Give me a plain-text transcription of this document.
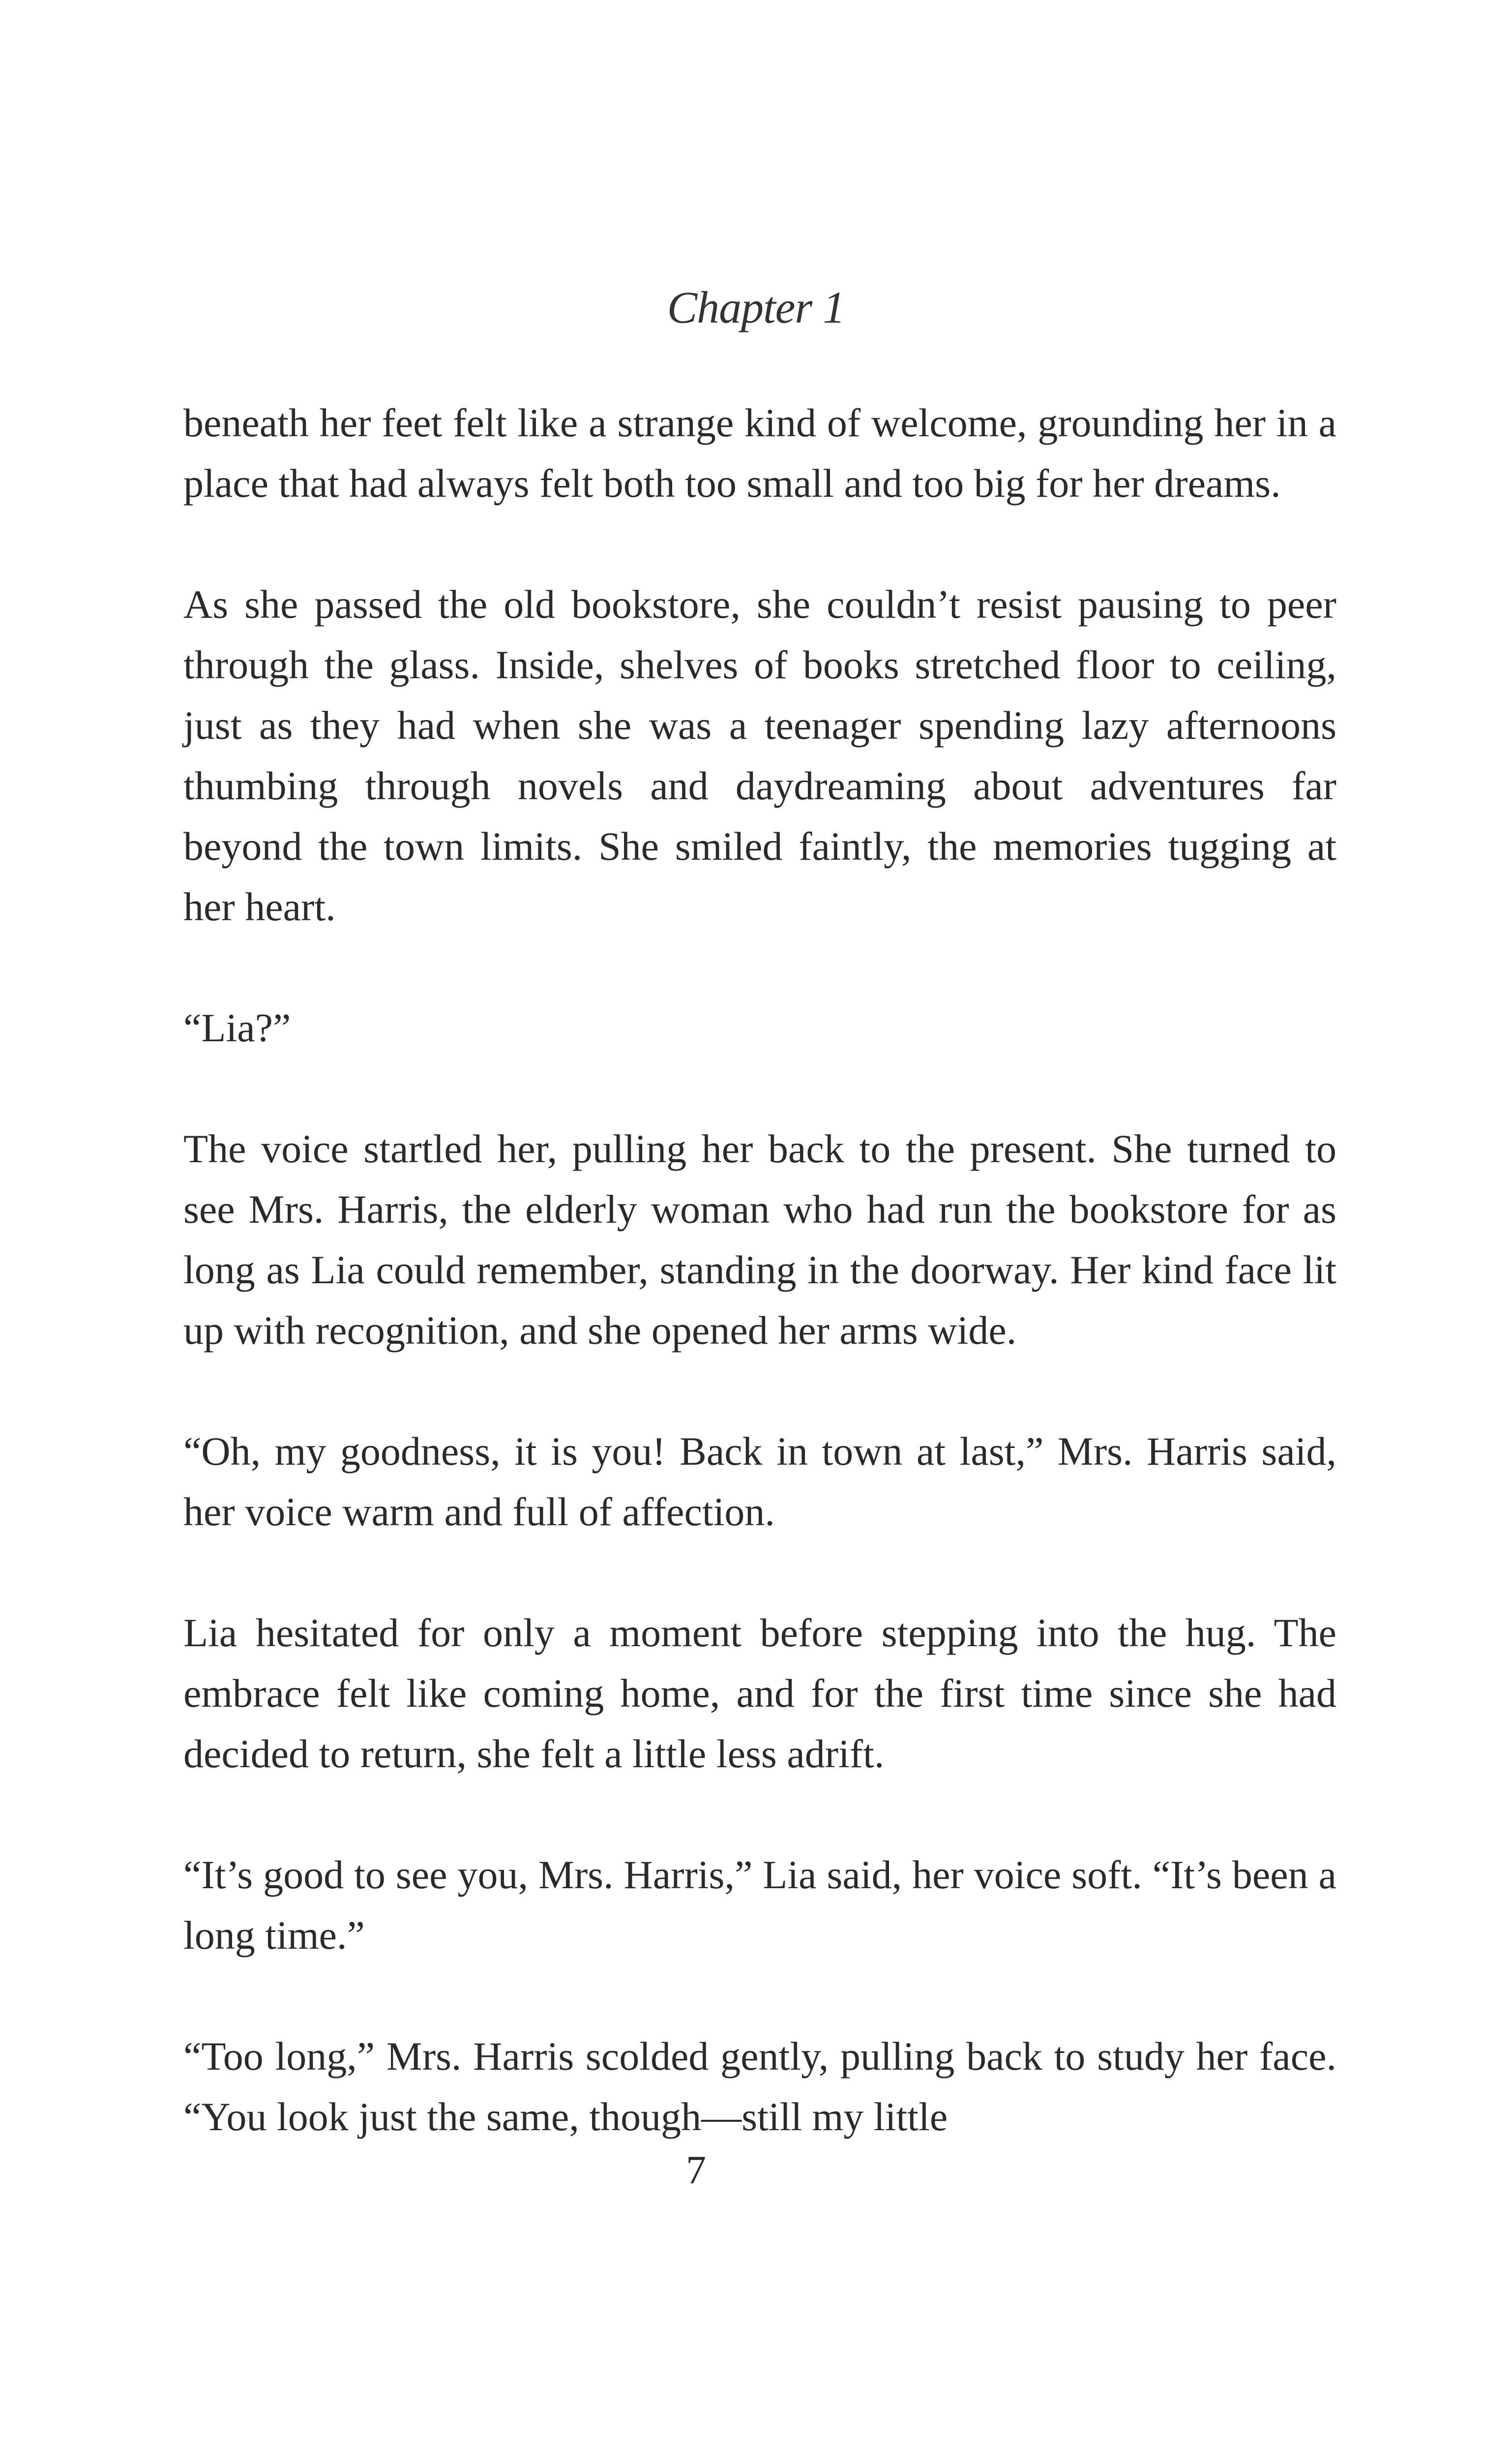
Chapter 1

beneath her feet felt like a strange kind of welcome, grounding her in a place that had always felt both too small and too big for her dreams.

As she passed the old bookstore, she couldn’t resist pausing to peer through the glass. Inside, shelves of books stretched floor to ceiling, just as they had when she was a teenager spending lazy afternoons thumbing through novels and daydreaming about adventures far beyond the town limits. She smiled faintly, the memories tugging at her heart.

“Lia?”

The voice startled her, pulling her back to the present. She turned to see Mrs. Harris, the elderly woman who had run the bookstore for as long as Lia could remember, standing in the doorway. Her kind face lit up with recognition, and she opened her arms wide.

“Oh, my goodness, it is you! Back in town at last,” Mrs. Harris said, her voice warm and full of affection.

Lia hesitated for only a moment before stepping into the hug. The embrace felt like coming home, and for the first time since she had decided to return, she felt a little less adrift.

“It’s good to see you, Mrs. Harris,” Lia said, her voice soft. “It’s been a long time.”

“Too long,” Mrs. Harris scolded gently, pulling back to study her face. “You look just the same, though—still my little

7
